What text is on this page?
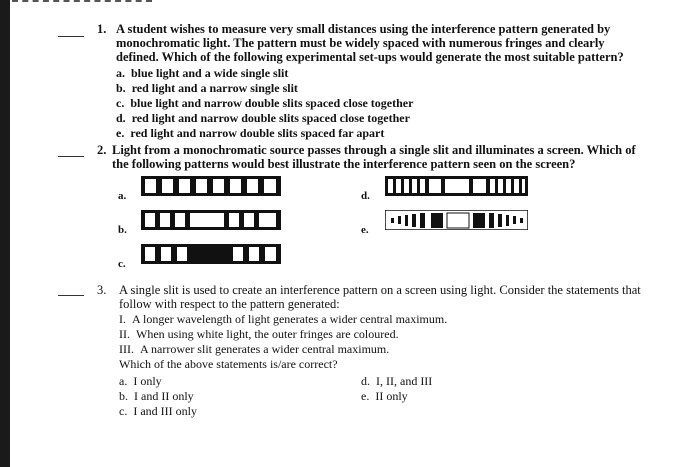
1. A student wishes to measure very small distances using the interference pattern generated by monochromatic light. The pattern must be widely spaced with numerous fringes and clearly defined. Which of the following experimental set-ups would generate the most suitable pattern?
a. blue light and a wide single slit
b. red light and a narrow single slit
c. blue light and narrow double slits spaced close together
d. red light and narrow double slits spaced close together
e. red light and narrow double slits spaced far apart
2. Light from a monochromatic source passes through a single slit and illuminates a screen. Which of the following patterns would best illustrate the interference pattern seen on the screen?
a.
b.
c.
d.
e.
3. A single slit is used to create an interference pattern on a screen using light. Consider the statements that follow with respect to the pattern generated:
I. A longer wavelength of light generates a wider central maximum.
II. When using white light, the outer fringes are coloured.
III. A narrower slit generates a wider central maximum.
Which of the above statements is/are correct?
a. I only
b. I and II only
c. I and III only
d. I, II, and III
e. II only
